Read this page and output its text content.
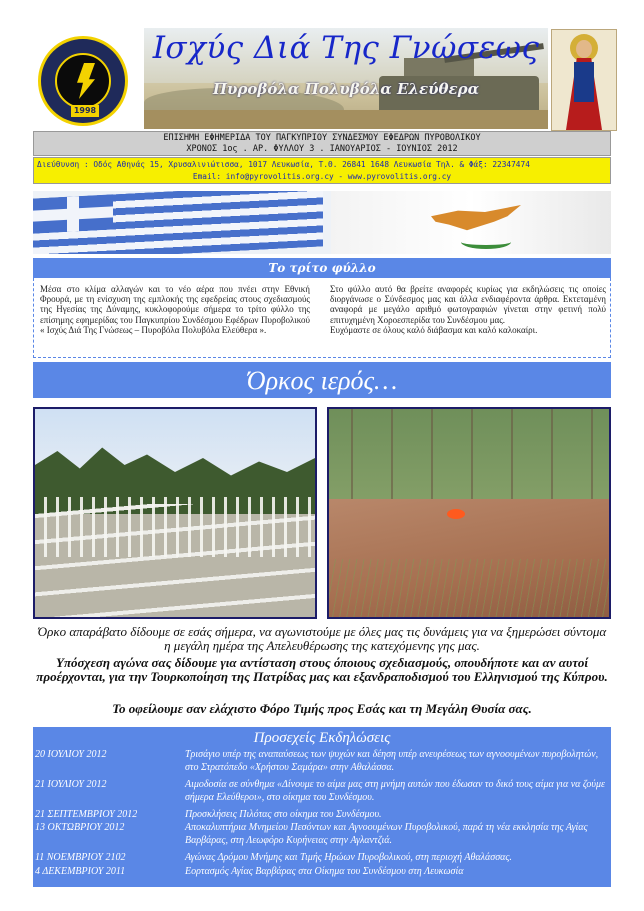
1998
Ισχύς Διά Της Γνώσεως
Πυροβόλα Πολυβόλα Ελεύθερα
ΕΠΙΣΗΜΗ ΕΦΗΜΕΡΙΔΑ ΤΟΥ ΠΑΓΚΥΠΡΙΟΥ ΣΥΝΔΕΣΜΟΥ ΕΦΕΔΡΩΝ ΠΥΡΟΒΟΛΙΚΟΥ
ΧΡΟΝΟΣ 1ος . ΑΡ. ΦΥΛΛΟΥ 3 . ΙΑΝΟΥΑΡΙΟΣ - ΙΟΥΝΙΟΣ 2012
Διεύθυνση : Οδός Αθηνάς 15, Χρυσαλινιώτισσα, 1017 Λευκωσία, Τ.Θ. 26841 1648 Λευκωσία Τηλ. & Φάξ: 22347474
Email: info@pyrovolitis.org.cy - www.pyrovolitis.org.cy
Το τρίτο φύλλο
Μέσα στο κλίμα αλλαγών και το νέο αέρα που πνέει στην Εθνική Φρουρά, με τη ενίσχυση της εμπλοκής της εφεδρείας στους σχεδιασμούς της Ηγεσίας της Δύναμης, κυκλοφορούμε σήμερα το τρίτο φύλλο της επίσημης εφημερίδας του Παγκυπρίου Συνδέσμου Εφέδρων Πυροβολικού « Ισχύς Διά Της Γνώσεως – Πυροβόλα Πολυβόλα Ελεύθερα ».
Στο φύλλο αυτό θα βρείτε αναφορές κυρίως για εκδηλώσεις τις οποίες διοργάνωσε ο Σύνδεσμος μας και άλλα ενδιαφέροντα άρθρα. Εκτεταμένη αναφορά με μεγάλο αριθμό φωτογραφιών γίνεται στην φετινή πολύ επιτυχημένη Χοροεσπερίδα του Συνδέσμου μας.
Ευχόμαστε σε όλους καλό διάβασμα και καλό καλοκαίρι.
Όρκος ιερός…
Όρκο απαράβατο δίδουμε σε εσάς σήμερα, να αγωνιστούμε με όλες μας τις δυνάμεις για να ξημερώσει σύντομα η μεγάλη ημέρα της Απελευθέρωσης της κατεχόμενης γης μας.
Υπόσχεση αγώνα σας δίδουμε για αντίσταση στους όποιους σχεδιασμούς, οπουδήποτε και αν αυτοί προέρχονται, για την Τουρκοποίηση της Πατρίδας μας και εξανδραποδισμού του Ελληνισμού της Κύπρου.
Το οφείλουμε σαν ελάχιστο Φόρο Τιμής προς Εσάς και τη Μεγάλη Θυσία σας.
Προσεχείς Εκδηλώσεις
20 ΙΟΥΛΙΟΥ 2012	Τρισάγιο υπέρ της αναπαύσεως των ψυχών και δέηση υπέρ ανευρέσεως των αγνοουμένων πυροβολητών, στο Στρατόπεδο «Χρήστου Σαμάρα» στην Αθαλάσσα.
21 ΙΟΥΛΙΟΥ 2012	Αιμοδοσία σε σύνθημα «Δίνουμε το αίμα μας στη μνήμη αυτών που έδωσαν το δικό τους αίμα για να ζούμε σήμερα Ελεύθεροι», στο οίκημα του Συνδέσμου.
21 ΣΕΠΤΕΜΒΡΙΟΥ 2012	Προσκλήσεις Πιλότας στο οίκημα του Συνδέσμου.
13 ΟΚΤΩΒΡΙΟΥ 2012	Αποκαλυπτήρια Μνημείου Πεσόντων και Αγνοουμένων Πυροβολικού, παρά τη νέα εκκλησία της Αγίας Βαρβάρας, στη Λεωφόρο Κυρήνειας στην Αγλαντζιά.
11 ΝΟΕΜΒΡΙΟΥ 2102	Αγώνας Δρόμου Μνήμης και Τιμής Ηρώων Πυροβολικού, στη περιοχή Αθαλάσσας.
4 ΔΕΚΕΜΒΡΙΟΥ 2011	Εορτασμός Αγίας Βαρβάρας στα Οίκημα του Συνδέσμου στη Λευκωσία
